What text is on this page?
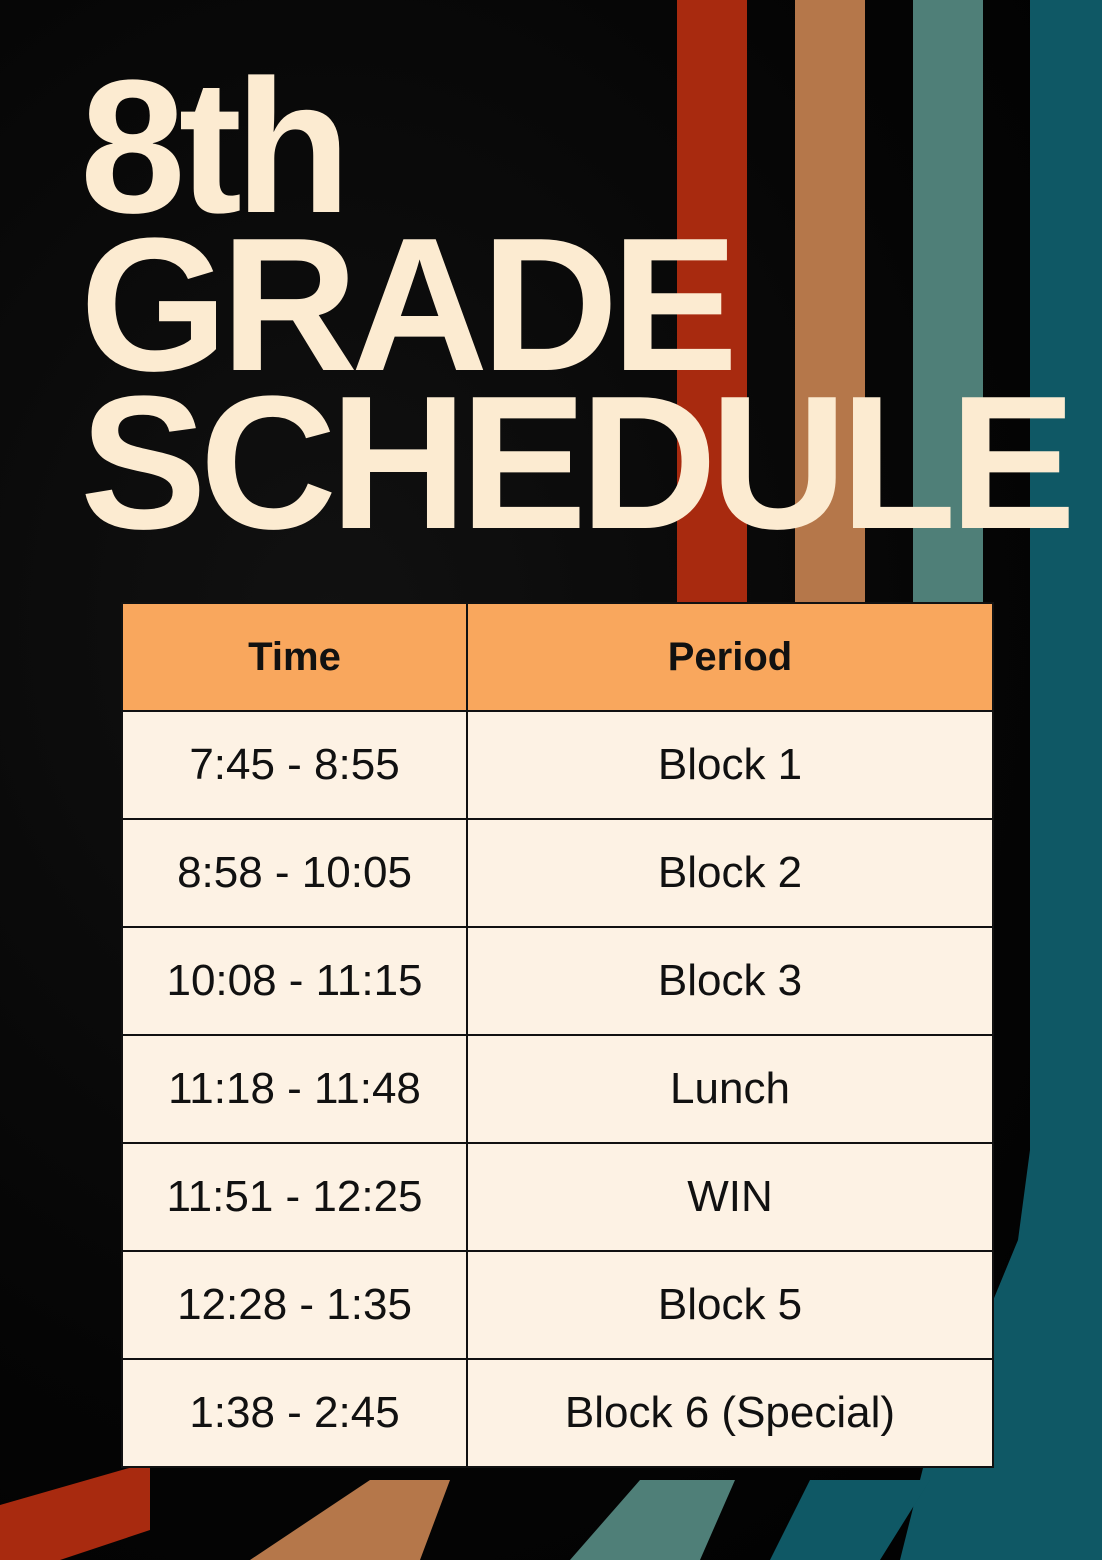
8th
GRADE
SCHEDULE
Time	Period
7:45 - 8:55	Block 1
8:58 - 10:05	Block 2
10:08 - 11:15	Block 3
11:18 - 11:48	Lunch
11:51 - 12:25	WIN
12:28 - 1:35	Block 5
1:38 - 2:45	Block 6 (Special)
